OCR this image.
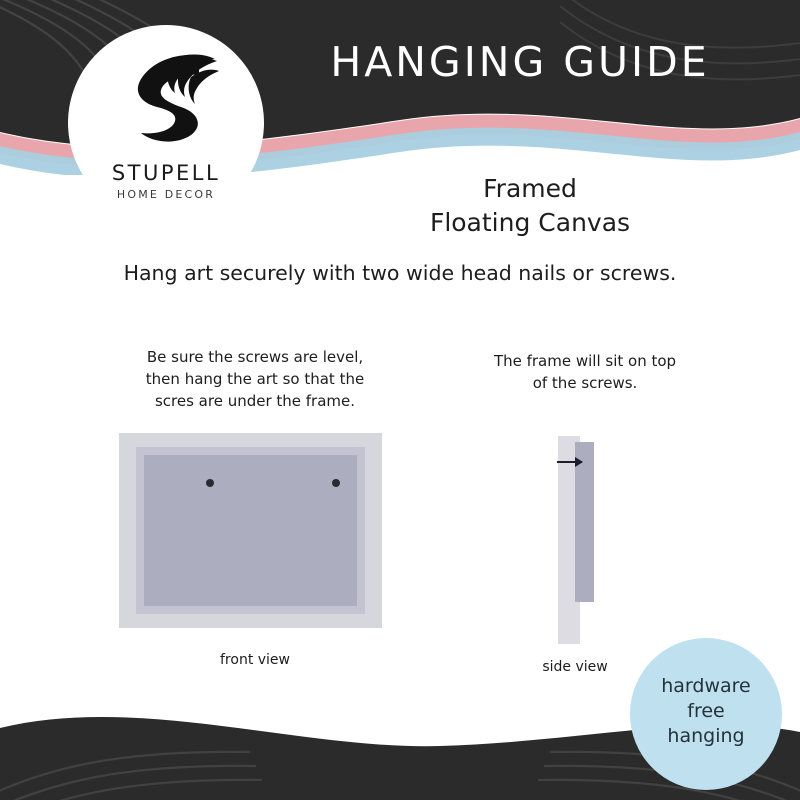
HANGING GUIDE
STUPELL
HOME DECOR	Framed
Floating Canvas
Hang art securely with two wide head nails or screws.
Be sure the screws are level,
then hang the art so that the
scres are under the frame.
front view
The frame will sit on top
of the screws.
side view
hardware
free
hanging
